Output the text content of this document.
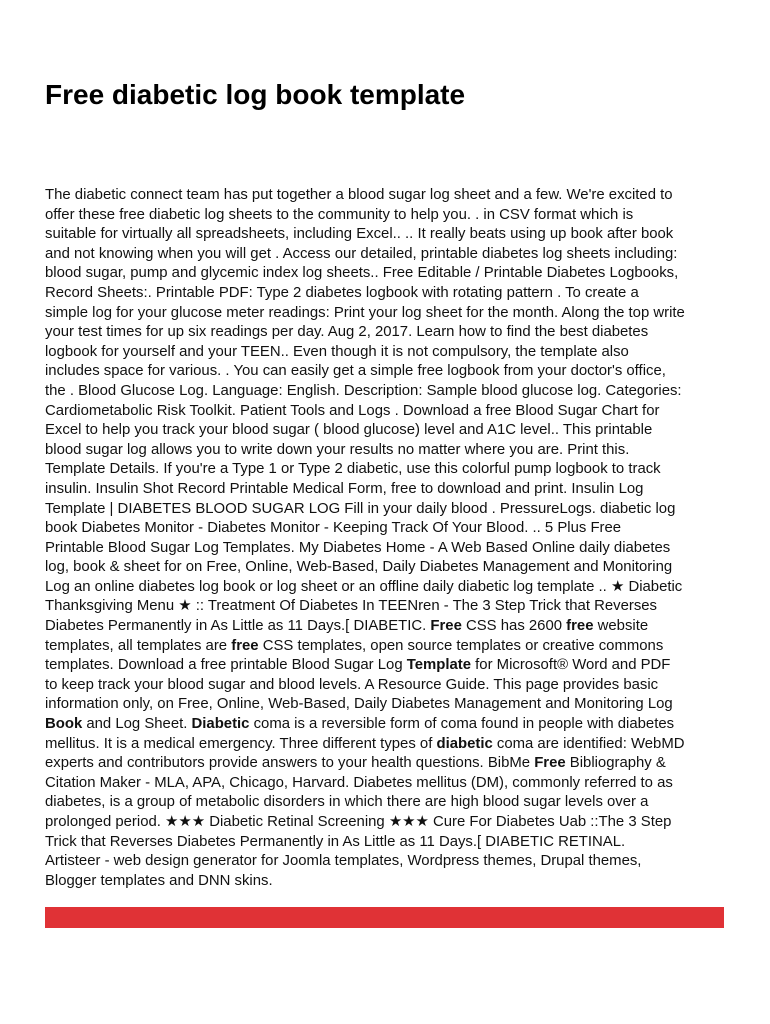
Free diabetic log book template
The diabetic connect team has put together a blood sugar log sheet and a few. We're excited to
offer these free diabetic log sheets to the community to help you. . in CSV format which is
suitable for virtually all spreadsheets, including Excel.. .. It really beats using up book after book
and not knowing when you will get . Access our detailed, printable diabetes log sheets including:
blood sugar, pump and glycemic index log sheets.. Free Editable / Printable Diabetes Logbooks,
Record Sheets:. Printable PDF: Type 2 diabetes logbook with rotating pattern . To create a
simple log for your glucose meter readings: Print your log sheet for the month. Along the top write
your test times for up six readings per day. Aug 2, 2017. Learn how to find the best diabetes
logbook for yourself and your TEEN.. Even though it is not compulsory, the template also
includes space for various. . You can easily get a simple free logbook from your doctor's office,
the . Blood Glucose Log. Language: English. Description: Sample blood glucose log. Categories:
Cardiometabolic Risk Toolkit. Patient Tools and Logs . Download a free Blood Sugar Chart for
Excel to help you track your blood sugar ( blood glucose) level and A1C level.. This printable
blood sugar log allows you to write down your results no matter where you are. Print this.
Template Details. If you're a Type 1 or Type 2 diabetic, use this colorful pump logbook to track
insulin. Insulin Shot Record Printable Medical Form, free to download and print. Insulin Log
Template | DIABETES BLOOD SUGAR LOG Fill in your daily blood . PressureLogs. diabetic log
book Diabetes Monitor - Diabetes Monitor - Keeping Track Of Your Blood. .. 5 Plus Free
Printable Blood Sugar Log Templates. My Diabetes Home - A Web Based Online daily diabetes
log, book & sheet for on Free, Online, Web-Based, Daily Diabetes Management and Monitoring
Log an online diabetes log book or log sheet or an offline daily diabetic log template .. ★ Diabetic
Thanksgiving Menu ★ :: Treatment Of Diabetes In TEENren - The 3 Step Trick that Reverses
Diabetes Permanently in As Little as 11 Days.[ DIABETIC. Free CSS has 2600 free website
templates, all templates are free CSS templates, open source templates or creative commons
templates. Download a free printable Blood Sugar Log Template for Microsoft® Word and PDF
to keep track your blood sugar and blood levels. A Resource Guide. This page provides basic
information only, on Free, Online, Web-Based, Daily Diabetes Management and Monitoring Log
Book and Log Sheet. Diabetic coma is a reversible form of coma found in people with diabetes
mellitus. It is a medical emergency. Three different types of diabetic coma are identified: WebMD
experts and contributors provide answers to your health questions. BibMe Free Bibliography &
Citation Maker - MLA, APA, Chicago, Harvard. Diabetes mellitus (DM), commonly referred to as
diabetes, is a group of metabolic disorders in which there are high blood sugar levels over a
prolonged period. ★★★ Diabetic Retinal Screening ★★★ Cure For Diabetes Uab ::The 3 Step
Trick that Reverses Diabetes Permanently in As Little as 11 Days.[ DIABETIC RETINAL.
Artisteer - web design generator for Joomla templates, Wordpress themes, Drupal themes,
Blogger templates and DNN skins.
